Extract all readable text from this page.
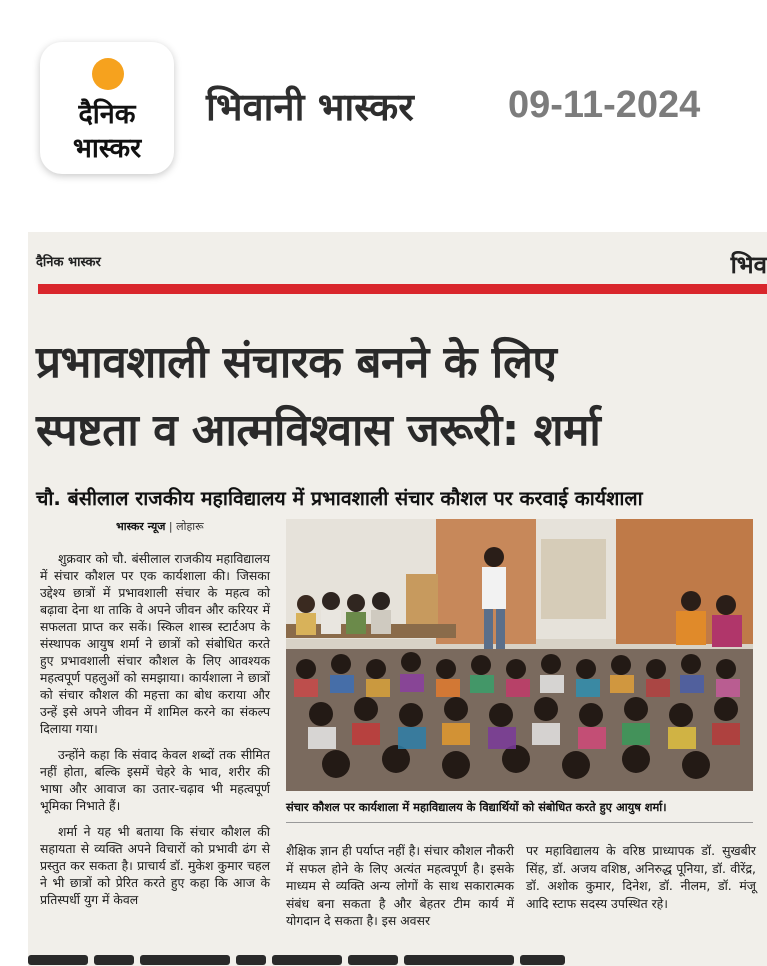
दैनिक
भास्कर
भिवानी भास्कर 09-11-2024
दैनिक भास्कर	भिव
प्रभावशाली संचारक बनने के लिए
स्पष्टता व आत्मविश्वास जरूरी: शर्मा
चौ. बंसीलाल राजकीय महाविद्यालय में प्रभावशाली संचार कौशल पर करवाई कार्यशाला
भास्कर न्यूज | लोहारू

शुक्रवार को चौ. बंसीलाल राजकीय महाविद्यालय में संचार कौशल पर एक कार्यशाला की। जिसका उद्देश्य छात्रों में प्रभावशाली संचार के महत्व को बढ़ावा देना था ताकि वे अपने जीवन और करियर में सफलता प्राप्त कर सकें। स्किल शास्त्र स्टार्टअप के संस्थापक आयुष शर्मा ने छात्रों को संबोधित करते हुए प्रभावशाली संचार कौशल के लिए आवश्यक महत्वपूर्ण पहलुओं को समझाया। कार्यशाला ने छात्रों को संचार कौशल की महत्ता का बोध कराया और उन्हें इसे अपने जीवन में शामिल करने का संकल्प दिलाया गया।

उन्होंने कहा कि संवाद केवल शब्दों तक सीमित नहीं होता, बल्कि इसमें चेहरे के भाव, शरीर की भाषा और आवाज का उतार-चढ़ाव भी महत्वपूर्ण भूमिका निभाते हैं।

शर्मा ने यह भी बताया कि संचार कौशल की सहायता से व्यक्ति अपने विचारों को प्रभावी ढंग से प्रस्तुत कर सकता है। प्राचार्य डॉ. मुकेश कुमार चहल ने भी छात्रों को प्रेरित करते हुए कहा कि आज के प्रतिस्पर्धी युग में केवल

संचार कौशल पर कार्यशाला में महाविद्यालय के विद्यार्थियों को संबोधित करते हुए आयुष शर्मा।

शैक्षिक ज्ञान ही पर्याप्त नहीं है। संचार कौशल नौकरी में सफल होने के लिए अत्यंत महत्वपूर्ण है। इसके माध्यम से व्यक्ति अन्य लोगों के साथ सकारात्मक संबंध बना सकता है और बेहतर टीम कार्य में योगदान दे सकता है। इस अवसर

पर महाविद्यालय के वरिष्ठ प्राध्यापक डॉ. सुखबीर सिंह, डॉ. अजय वशिष्ठ, अनिरुद्ध पूनिया, डॉ. वीरेंद्र, डॉ. अशोक कुमार, दिनेश, डॉ. नीलम, डॉ. मंजू आदि स्टाफ सदस्य उपस्थित रहे।
